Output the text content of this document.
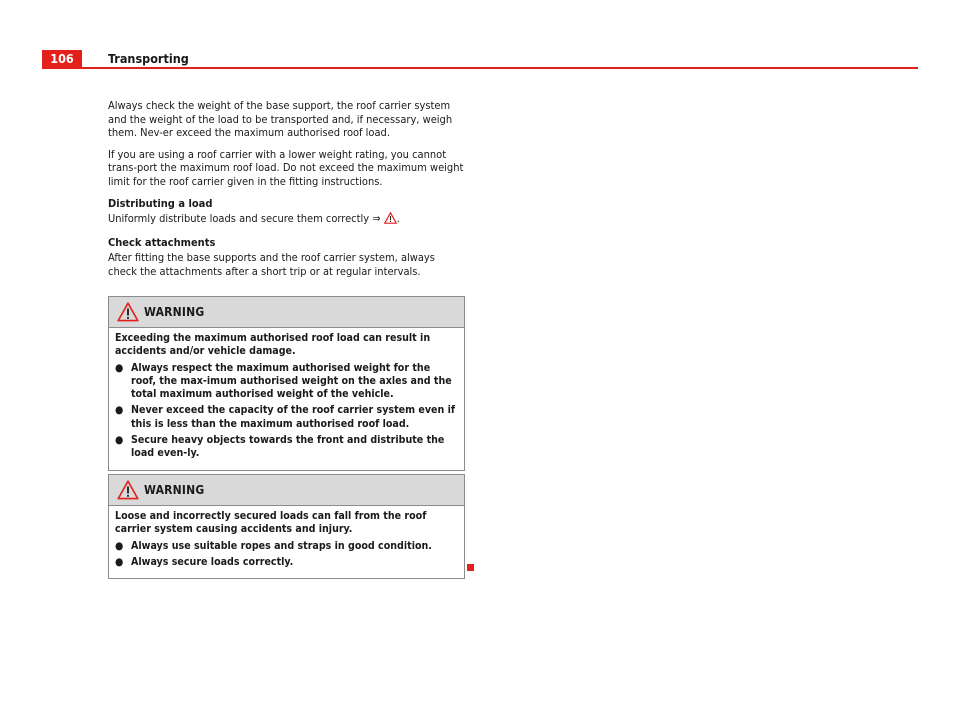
106	Transporting

Always check the weight of the base support, the roof carrier system and the weight of the load to be transported and, if necessary, weigh them. Nev-er exceed the maximum authorised roof load.

If you are using a roof carrier with a lower weight rating, you cannot trans-port the maximum roof load. Do not exceed the maximum weight limit for the roof carrier given in the fitting instructions.

Distributing a load

Uniformly distribute loads and secure them correctly ⇒ .

Check attachments

After fitting the base supports and the roof carrier system, always check the attachments after a short trip or at regular intervals.

WARNING

Exceeding the maximum authorised roof load can result in accidents and/or vehicle damage.

● Always respect the maximum authorised weight for the roof, the max-imum authorised weight on the axles and the total maximum authorised weight of the vehicle.
● Never exceed the capacity of the roof carrier system even if this is less than the maximum authorised roof load.
● Secure heavy objects towards the front and distribute the load even-ly.
WARNING

Loose and incorrectly secured loads can fall from the roof carrier system causing accidents and injury.

● Always use suitable ropes and straps in good condition.
● Always secure loads correctly.
